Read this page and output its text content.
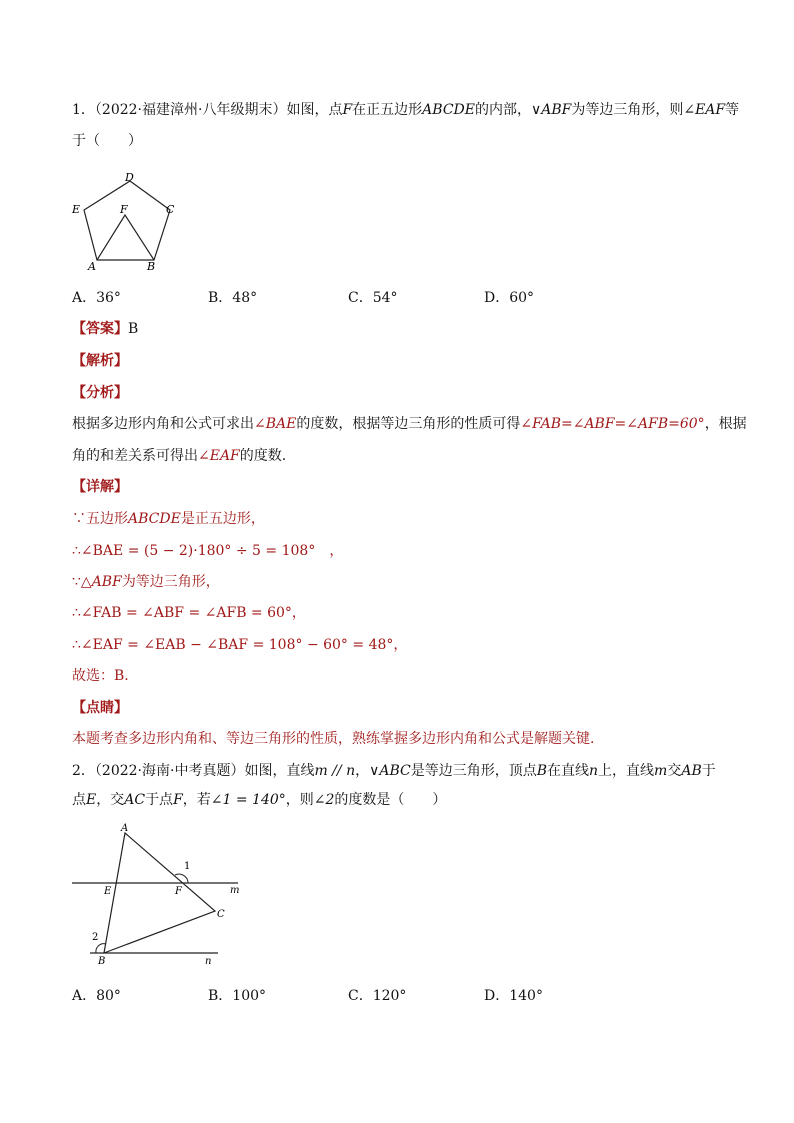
1．（2022·福建漳州·八年级期末）如图，点F在正五边形ABCDE的内部，∨ABF为等边三角形，则∠EAF等
于（　　）
D
E	F	C
A	B
A．36°	B．48°	C．54°	D．60°
【答案】B
【解析】
【分析】
根据多边形内角和公式可求出∠BAE的度数，根据等边三角形的性质可得∠FAB=∠ABF=∠AFB=60°，根据
角的和差关系可得出∠EAF的度数.
【详解】
∵五边形ABCDE是正五边形，
∴∠BAE = (5 − 2)·180° ÷ 5 = 108°　，
∵△ABF为等边三角形，
∴∠FAB = ∠ABF = ∠AFB = 60°，
∴∠EAF = ∠EAB − ∠BAF = 108° − 60° = 48°，
故选：B.
【点睛】
本题考查多边形内角和、等边三角形的性质，熟练掌握多边形内角和公式是解题关键.
2．（2022·海南·中考真题）如图，直线m // n，∨ABC是等边三角形，顶点B在直线n上，直线m交AB于
点E，交AC于点F，若∠1 = 140°，则∠2的度数是（　　）
A
E	F	m
C
B	n
1
2
A．80°	B．100°	C．120°	D．140°
